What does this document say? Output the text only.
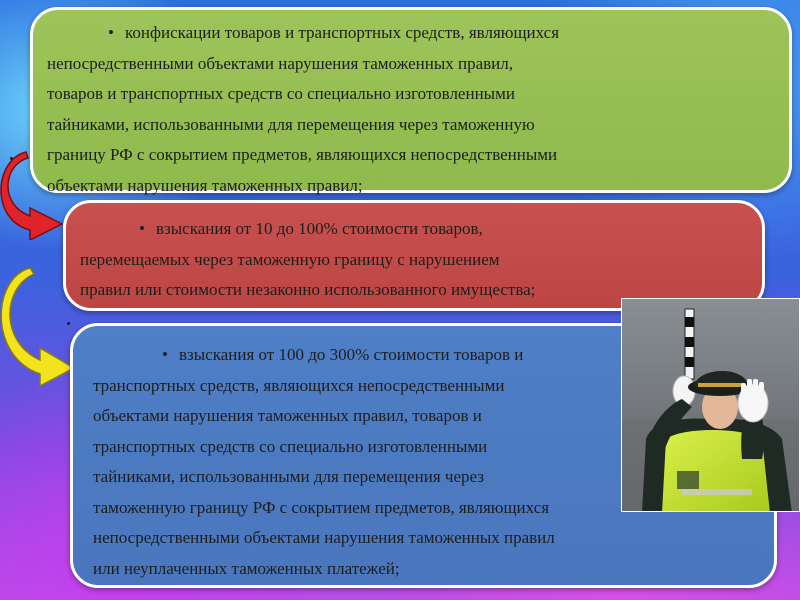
• конфискации товаров и транспортных средств, являющихся
непосредственными объектами нарушения таможенных правил,
товаров и транспортных средств со специально изготовленными
тайниками, использованными для перемещения через таможенную
границу РФ с сокрытием предметов, являющихся непосредственными
объектами нарушения таможенных правил;
• взыскания от 10 до 100% стоимости товаров,
перемещаемых через таможенную границу с нарушением
правил или стоимости незаконно использованного имущества;
• взыскания от 100 до 300% стоимости товаров и
транспортных средств, являющихся непосредственными
объектами нарушения таможенных правил, товаров и
транспортных средств со специально изготовленными
тайниками, использованными для перемещения через
таможенную границу РФ с сокрытием предметов, являющихся
непосредственными объектами нарушения таможенных правил
или неуплаченных таможенных платежей;
